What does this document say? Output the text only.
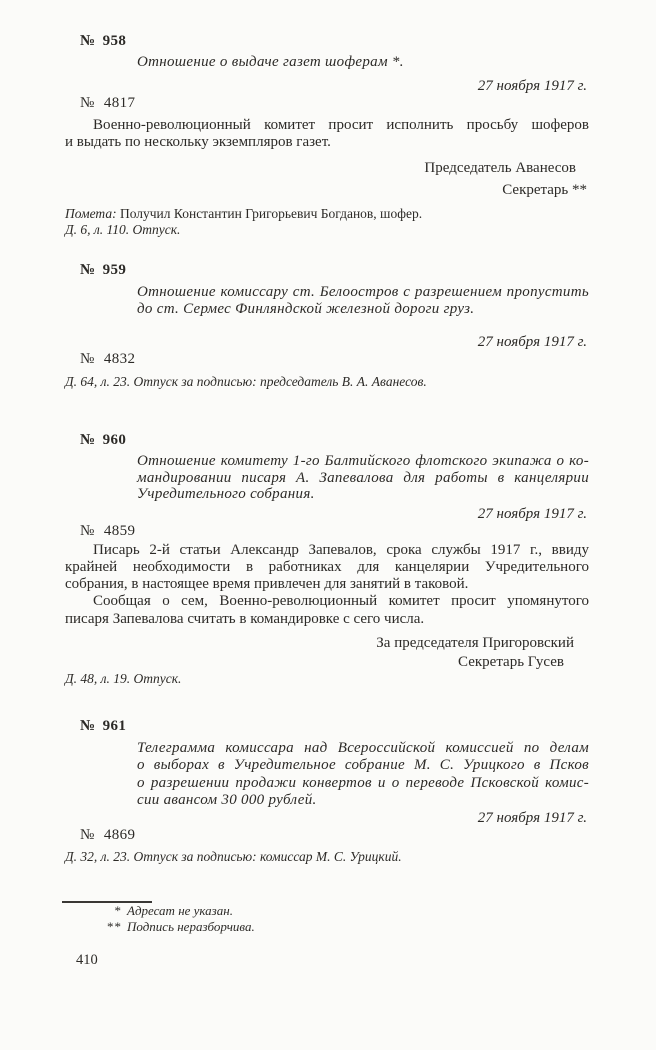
№ 958
Отношение о выдаче газет шоферам *.
27 ноября 1917 г.
№ 4817
Военно-революционный комитет просит исполнить просьбу шоферов
и выдать по нескольку экземпляров газет.
Председатель Аванесов
Секретарь **
Помета: Получил Константин Григорьевич Богданов, шофер.
Д. 6, л. 110. Отпуск.
№ 959
Отношение комиссару ст. Белоостров с разрешением пропустить
до ст. Сермес Финляндской железной дороги груз.
27 ноября 1917 г.
№ 4832
Д. 64, л. 23. Отпуск за подписью: председатель В. А. Аванесов.
№ 960
Отношение комитету 1-го Балтийского флотского экипажа о ко-
мандировании писаря А. Запевалова для работы в канцелярии
Учредительного собрания.
27 ноября 1917 г.
№ 4859
Писарь 2-й статьи Александр Запевалов, срока службы 1917 г., ввиду
крайней необходимости в работниках для канцелярии Учредительного
собрания, в настоящее время привлечен для занятий в таковой.
Сообщая о сем, Военно-революционный комитет просит упомянутого
писаря Запевалова считать в командировке с сего числа.
За председателя Пригоровский
Секретарь Гусев
Д. 48, л. 19. Отпуск.
№ 961
Телеграмма комиссара над Всероссийской комиссией по делам
о выборах в Учредительное собрание М. С. Урицкого в Псков
о разрешении продажи конвертов и о переводе Псковской комис-
сии авансом 30 000 рублей.
27 ноября 1917 г.
№ 4869
Д. 32, л. 23. Отпуск за подписью: комиссар М. С. Урицкий.
* Адресат не указан.
** Подпись неразборчива.
410
